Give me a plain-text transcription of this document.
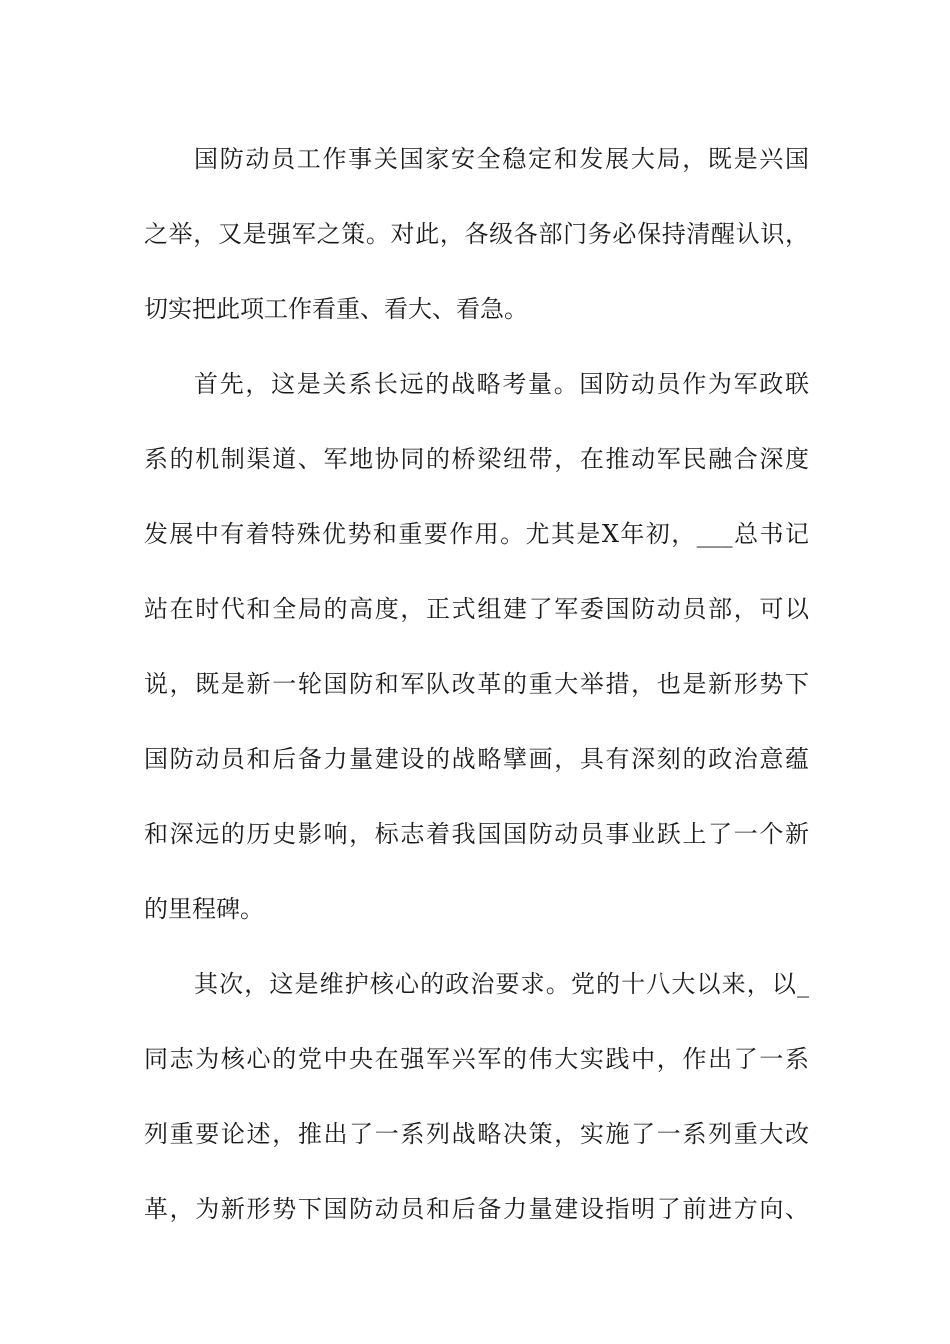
国防动员工作事关国家安全稳定和发展大局，既是兴国
之举，又是强军之策。对此，各级各部门务必保持清醒认识，
切实把此项工作看重、看大、看急。
首先，这是关系长远的战略考量。国防动员作为军政联
系的机制渠道、军地协同的桥梁纽带，在推动军民融合深度
发展中有着特殊优势和重要作用。尤其是X年初，___总书记
站在时代和全局的高度，正式组建了军委国防动员部，可以
说，既是新一轮国防和军队改革的重大举措，也是新形势下
国防动员和后备力量建设的战略擘画，具有深刻的政治意蕴
和深远的历史影响，标志着我国国防动员事业跃上了一个新
的里程碑。
其次，这是维护核心的政治要求。党的十八大以来，以_
同志为核心的党中央在强军兴军的伟大实践中，作出了一系
列重要论述，推出了一系列战略决策，实施了一系列重大改
革，为新形势下国防动员和后备力量建设指明了前进方向、
